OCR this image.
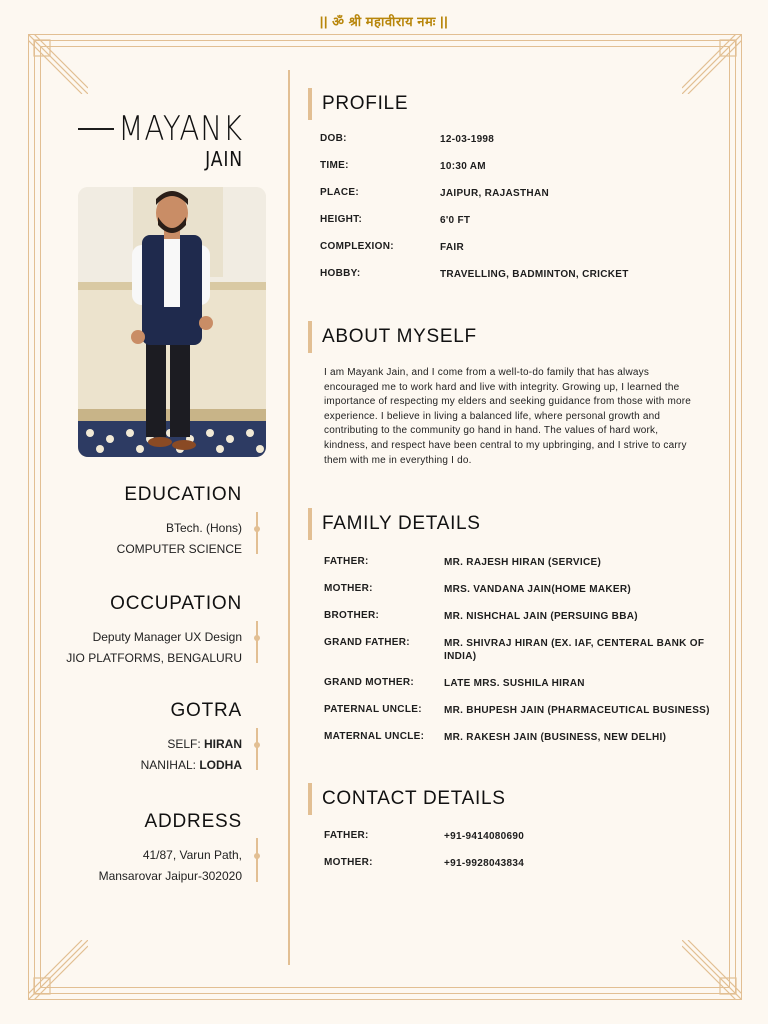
|| ॐ श्री महावीराय नमः ||
MAYANK
JAIN
EDUCATION
BTech. (Hons)
COMPUTER SCIENCE
OCCUPATION
Deputy Manager UX Design
JIO PLATFORMS, BENGALURU
GOTRA
SELF: HIRAN
NANIHAL: LODHA
ADDRESS
41/87, Varun Path,
Mansarovar Jaipur-302020
PROFILE
DOB:	12-03-1998
TIME:	10:30 AM
PLACE:	JAIPUR, RAJASTHAN
HEIGHT:	6'0 FT
COMPLEXION:	FAIR
HOBBY:	TRAVELLING, BADMINTON, CRICKET
ABOUT MYSELF
I am Mayank Jain, and I come from a well-to-do family that has always encouraged me to work hard and live with integrity. Growing up, I learned the importance of respecting my elders and seeking guidance from those with more experience. I believe in living a balanced life, where personal growth and contributing to the community go hand in hand. The values of hard work, kindness, and respect have been central to my upbringing, and I strive to carry them with me in everything I do.
FAMILY DETAILS
FATHER:	MR. RAJESH HIRAN (SERVICE)
MOTHER:	MRS. VANDANA JAIN(HOME MAKER)
BROTHER:	MR. NISHCHAL JAIN (PERSUING BBA)
GRAND FATHER:	MR. SHIVRAJ HIRAN (EX. IAF, CENTERAL BANK OF INDIA)
GRAND MOTHER:	LATE MRS. SUSHILA HIRAN
PATERNAL UNCLE:	MR. BHUPESH JAIN (PHARMACEUTICAL BUSINESS)
MATERNAL UNCLE:	MR. RAKESH JAIN (BUSINESS, NEW DELHI)
CONTACT DETAILS
FATHER:	+91-9414080690
MOTHER:	+91-9928043834
